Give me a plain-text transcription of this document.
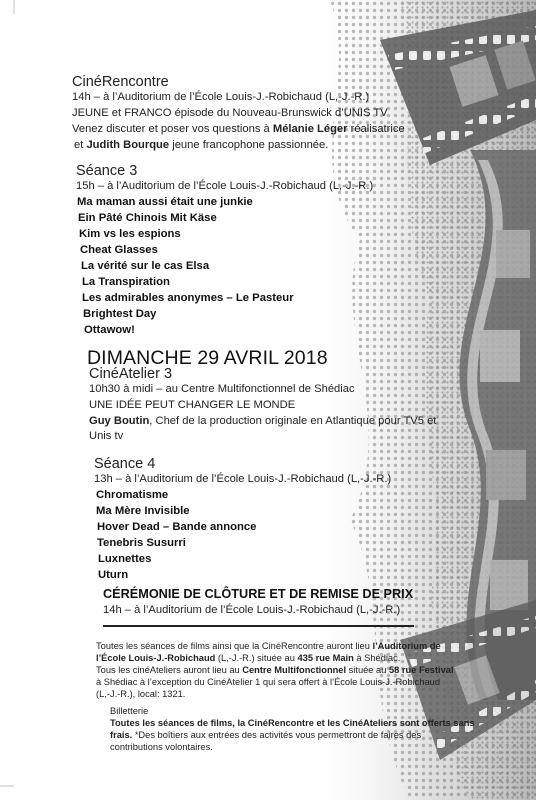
CinéRencontre
14h – à l’Auditorium de l’École Louis-J.-Robichaud (L,-J.-R.)
JEUNE et FRANCO épisode du Nouveau-Brunswick d’UNIS TV
Venez discuter et poser vos questions à Mélanie Léger réalisatrice
et Judith Bourque jeune francophone passionnée.
Séance 3
15h – à l’Auditorium de l’École Louis-J.-Robichaud (L,-J.-R.)
Ma maman aussi était une junkie
Ein Pâté Chinois Mit Käse
Kim vs les espions
Cheat Glasses
La vérité sur le cas Elsa
La Transpiration
Les admirables anonymes – Le Pasteur
Brightest Day
Ottawow!
DIMANCHE 29 AVRIL 2018
CinéAtelier 3
10h30 à midi – au Centre Multifonctionnel de Shédiac
UNE IDÉE PEUT CHANGER LE MONDE
Guy Boutin, Chef de la production originale en Atlantique pour TV5 et
Unis tv
Séance 4
13h – à l’Auditorium de l’École Louis-J.-Robichaud (L,-J.-R.)
Chromatisme
Ma Mère Invisible
Hover Dead – Bande annonce
Tenebris Susurri
Luxnettes
Uturn
CÉRÉMONIE DE CLÔTURE ET DE REMISE DE PRIX
14h – à l’Auditorium de l’École Louis-J.-Robichaud (L,-J.-R.)
Toutes les séances de films ainsi que la CinéRencontre auront lieu l’Auditorium de
l’École Louis-J.-Robichaud (L,-J.-R.) située au 435 rue Main à Shédiac.
Tous les cinéAteliers auront lieu au Centre Multifonctionnel située au 58 rue Festival
à Shédiac à l’exception du CinéAtelier 1 qui sera offert à l’École Louis-J.-Robichaud
(L,-J.-R.), local: 1321.
Billetterie
Toutes les séances de films, la CinéRencontre et les CinéAteliers sont offerts sans
frais. *Des boîtiers aux entrées des activités vous permettront de faires des
contributions volontaires.
